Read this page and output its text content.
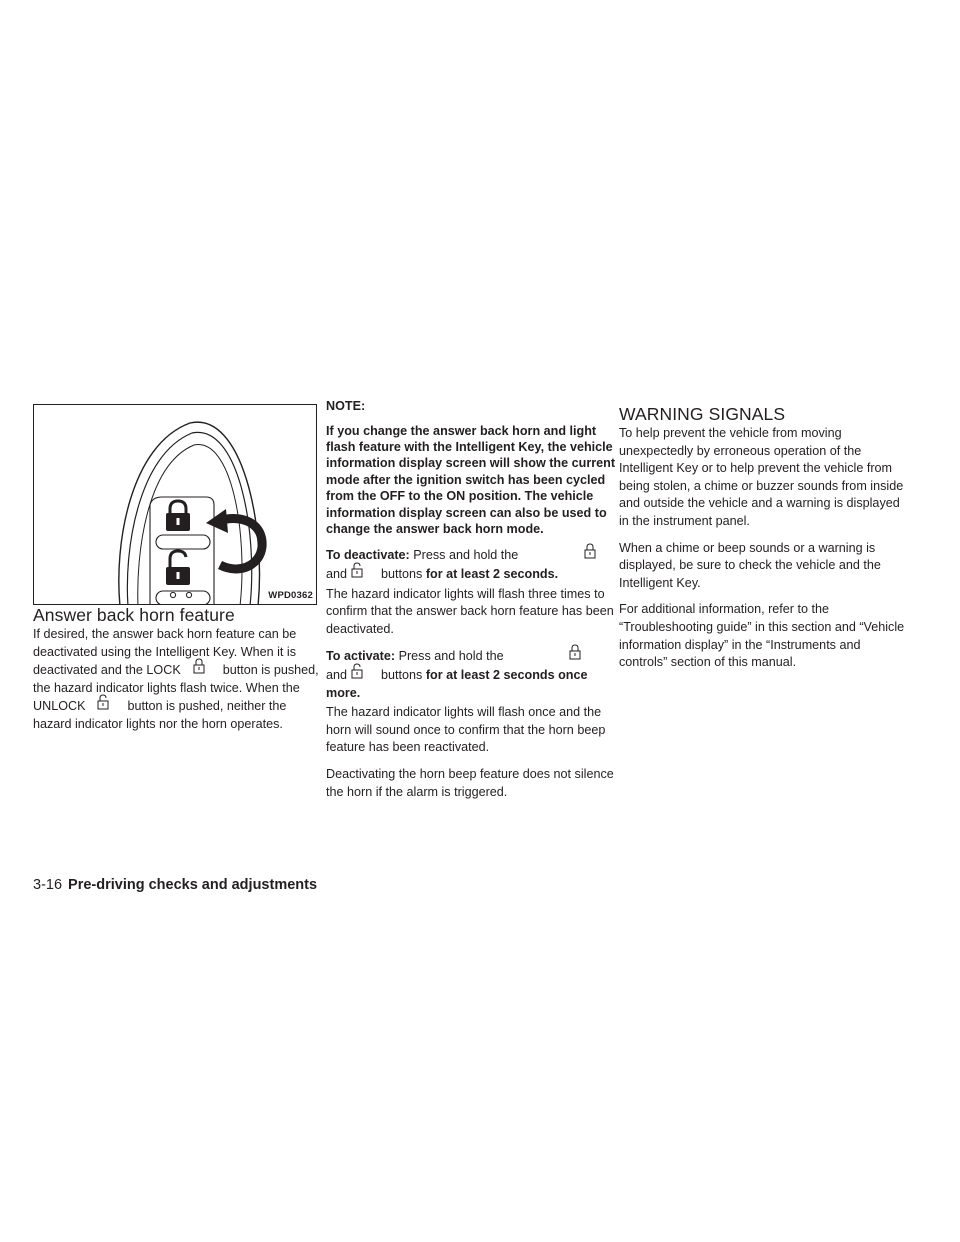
WPD0362
Answer back horn feature

If desired, the answer back horn feature can be deactivated using the Intelligent Key. When it is deactivated and the LOCK	button is pushed, the hazard indicator lights flash twice. When the UNLOCK	button is pushed, neither the hazard indicator lights nor the horn operates.

NOTE:
If you change the answer back horn and light flash feature with the Intelligent Key, the vehicle information display screen will show the current mode after the ignition switch has been cycled from the OFF to the ON position. The vehicle information display screen can also be used to change the answer back horn mode.

To deactivate: Press and hold the

and	buttons for at least 2 seconds.

The hazard indicator lights will flash three times to confirm that the answer back horn feature has been deactivated.

To activate: Press and hold the

and	buttons for at least 2 seconds once more.

The hazard indicator lights will flash once and the horn will sound once to confirm that the horn beep feature has been reactivated.

Deactivating the horn beep feature does not silence the horn if the alarm is triggered.

WARNING SIGNALS

To help prevent the vehicle from moving unexpectedly by erroneous operation of the Intelligent Key or to help prevent the vehicle from being stolen, a chime or buzzer sounds from inside and outside the vehicle and a warning is displayed in the instrument panel.

When a chime or beep sounds or a warning is displayed, be sure to check the vehicle and the Intelligent Key.

For additional information, refer to the “Troubleshooting guide” in this section and “Vehicle information display” in the “Instruments and controls” section of this manual.

3-16 Pre-driving checks and adjustments
